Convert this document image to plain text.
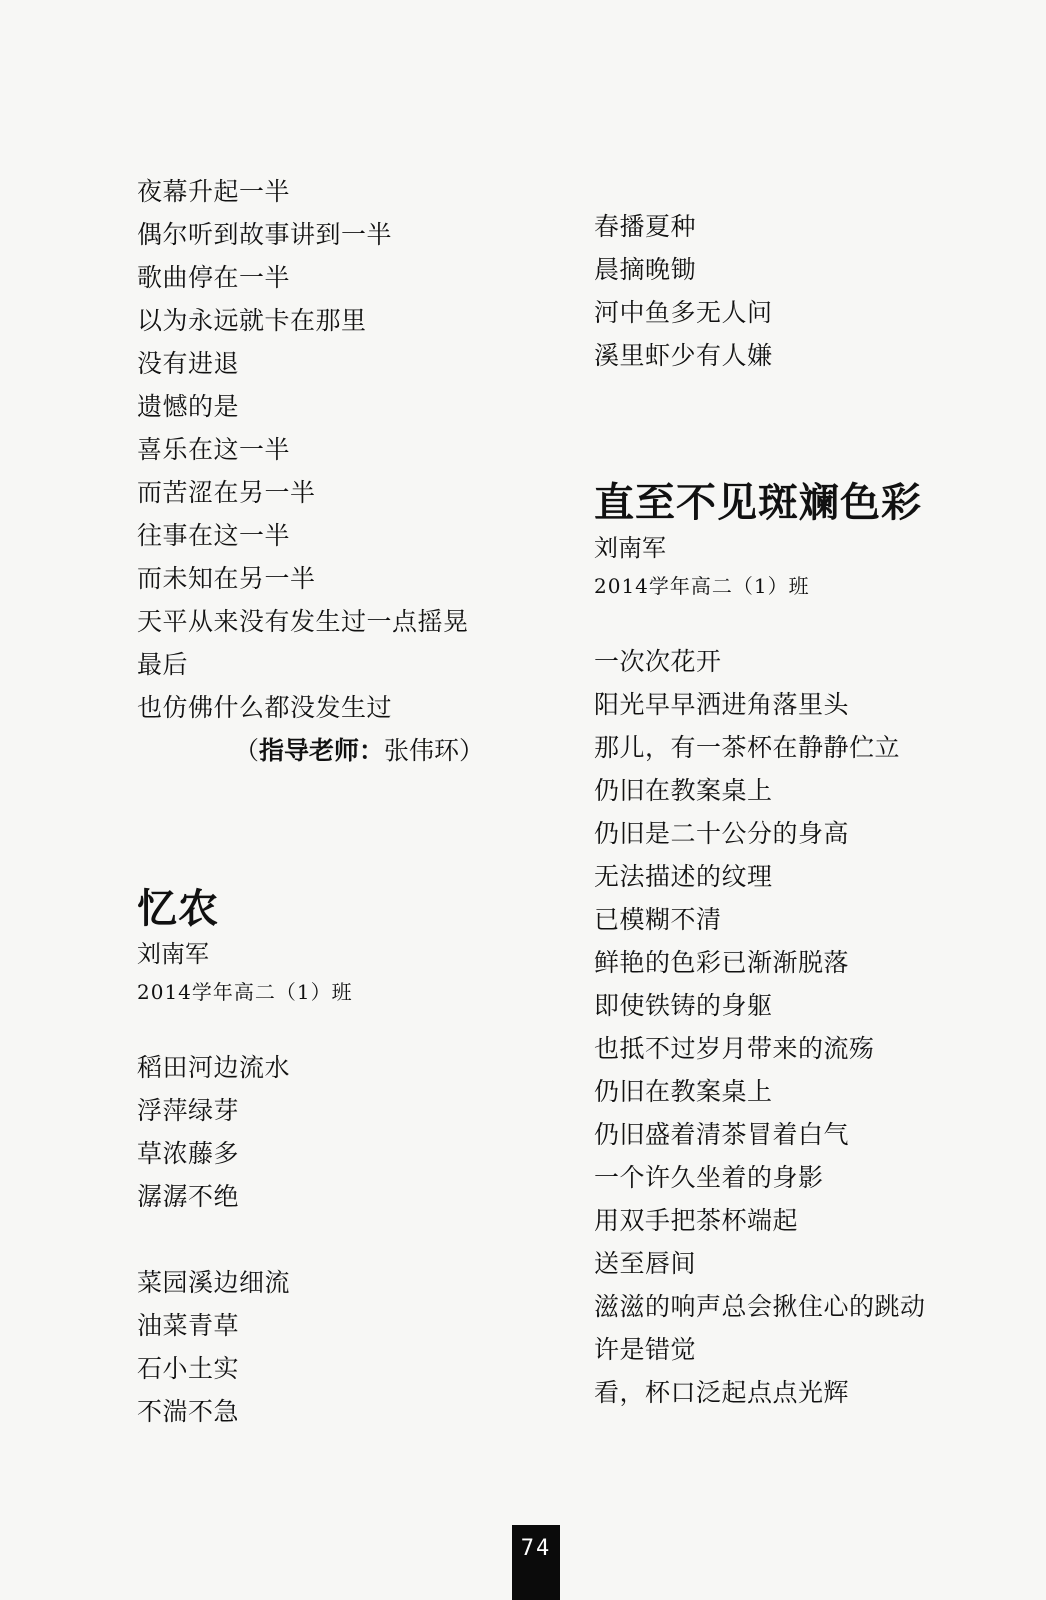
夜幕升起一半
偶尔听到故事讲到一半
歌曲停在一半
以为永远就卡在那里
没有进退
遗憾的是
喜乐在这一半
而苦涩在另一半
往事在这一半
而未知在另一半
天平从来没有发生过一点摇晃
最后
也仿佛什么都没发生过
（指导老师：张伟环）
忆农
刘南军
2014学年高二（1）班
稻田河边流水
浮萍绿芽
草浓藤多
潺潺不绝
菜园溪边细流
油菜青草
石小土实
不湍不急
春播夏种
晨摘晚锄
河中鱼多无人问
溪里虾少有人嫌
直至不见斑斓色彩
刘南军
2014学年高二（1）班
一次次花开
阳光早早洒进角落里头
那儿，有一茶杯在静静伫立
仍旧在教案桌上
仍旧是二十公分的身高
无法描述的纹理
已模糊不清
鲜艳的色彩已渐渐脱落
即使铁铸的身躯
也抵不过岁月带来的流殇
仍旧在教案桌上
仍旧盛着清茶冒着白气
一个许久坐着的身影
用双手把茶杯端起
送至唇间
滋滋的响声总会揪住心的跳动
许是错觉
看，杯口泛起点点光辉
74
